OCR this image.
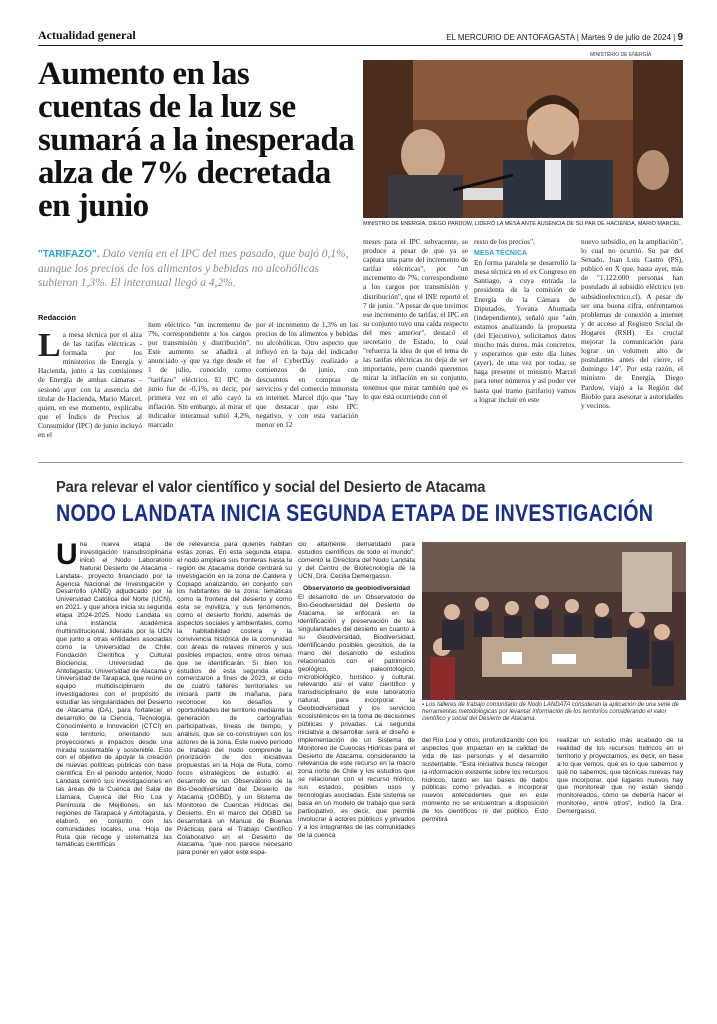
Actualidad general	EL MERCURIO DE ANTOFAGASTA | Martes 9 de julio de 2024 | 9
Aumento en las cuentas de la luz se sumará a la inesperada alza de 7% decretada en junio
MINISTERIO DE ENERGÍA
MINISTRO DE ENERGÍA, DIEGO PARDOW, LIDERÓ LA MESA ANTE AUSENCIA DE SU PAR DE HACIENDA, MARIO MARCEL.
"TARIFAZO". Dato venía en el IPC del mes pasado, que bajó 0,1%, aunque los precios de los alimentos y bebidas no alcohólicas subieron 1,3%. El interanual llegó a 4,2%.
Redacción
La mesa técnica por el alza de las tarifas eléctricas -formada por los ministerios de Energía y Hacienda, junto a las comisiones de Energía de ambas cámaras -sesionó ayer con la ausencia del titular de Hacienda, Mario Marcel, quien, en ese momento, explicaba que el Índice de Precios al Consumidor (IPC) de junio incluyó en el
ítem eléctrico "un incremento de 7%, correspondiente a los cargos por transmisión y distribución". Este aumento se añadirá al anunciado -y que ya rige desde el 1 de julio, conocido como "tarifazo" eléctrico. El IPC de junio fue de -0,1%, es decir, por primera vez en el año cayó la inflación. Sin embargo, al mirar el indicador interanual subió 4,2%, marcado
por el incremento de 1,3% en los precios de los alimentos y bebidas no alcohólicas. Otro aspecto que influyó en la baja del indicador fue el CyberDay realizado a comienzos de junio, con descuentos en compras de servicios y del comercio minorista en internet. Marcel dijo que "hay que destacar que este IPC negativo, y con esta variación menor en 12
meses para el IPC subyacente, se produce a pesar de que ya se captura una parte del incremento de tarifas eléctricas", por "un incremento de 7%, correspondiente a los cargos por transmisión y distribución", que el INE reportó el 7 de junio. "A pesar de que tuvimos ese incremento de tarifas, el IPC en su conjunto tuvo una caída respecto del mes anterior", destacó el secretario de Estado, lo cual "refuerza la idea de que el tema de las tarifas eléctricas no deja de ser importante, pero cuando queremos mirar la inflación en su conjunto, tenemos que mirar también qué es lo que está ocurriendo con el
resto de los precios".
MESA TÉCNICA
En forma paralela se desarrolló la mesa técnica en el ex Congreso en Santiago, a cuya entrada la presidenta de la comisión de Energía de la Cámara de Diputados, Yovana Ahumada (independiente), señaló que "aún estamos analizando la propuesta (del Ejecutivo), solicitamos datos mucho más duros, más concretos, y esperamos que este día lunes (ayer), de una vez por todas, se haga presente el ministro Marcel para tener números y así poder ver hasta qué tramo (tarifario) vamos a lograr incluir en este
nuevo subsidio, en la ampliación", lo cual no ocurrió. Su par del Senado, Juan Luis Castro (PS), publicó en X que, hasta ayer, más de "1.122.000 personas han postulado al subsidio eléctrico (en subsidioelectrico.cl). A pesar de ser una buena cifra, enfrentamos problemas de conexión a internet y de acceso al Registro Social de Hogares (RSH). Es crucial mejorar la comunicación para lograr un volumen alto de postulantes antes del cierre, el domingo 14". Por esta razón, el ministro de Energía, Diego Pardow, viajó a la Región del Biobío para asesorar a autoridades y vecinos.
Para relevar el valor científico y social del Desierto de Atacama
NODO LANDATA INICIA SEGUNDA ETAPA DE INVESTIGACIÓN
Una nueva etapa de investigación transdisciplinaria inició el Nodo Laboratorio Natural Desierto de Atacama -Landata-, proyecto financiado por la Agencia Nacional de Investigación y Desarrollo (ANID) adjudicado por la Universidad Católica del Norte (UCN), en 2021, y que ahora inicia su segunda etapa 2024-2025. Nodo Landata es una instancia académica multiinstitucional, liderada por la UCN que junto a otras entidades asociadas como la Universidad de Chile; Fundación Científica y Cultural Biociencia; Universidad de Antofagasta; Universidad de Atacama y Universidad de Tarapacá, que reúne un equipo multidisciplinario de investigadores con el propósito de estudiar las singularidades del Desierto de Atacama (DA), para fortalecer el desarrollo de la Ciencia, Tecnología, Conocimiento e Innovación (CTCI) en este territorio, orientando sus proyecciones e impactos desde una mirada sustentable y sostenible. Esto con el objetivo de apoyar la creación de nuevas políticas públicas con base científica. En el periodo anterior, Nodo Landata centró sus investigaciones en las áreas de la Cuenca del Salar de Llamara, Cuenca del Río Loa y Península de Mejillones, en las regiones de Tarapacá y Antofagasta, y elaboró, en conjunto con las comunidades locales, una Hoja de Ruta que recoge y sistematiza las temáticas científicas
de relevancia para quienes habitan estas zonas. En esta segunda etapa, el nodo ampliará sus fronteras hasta la región de Atacama donde centrará su investigación en la zona de Caldera y Copiapó analizando, en conjunto con los habitantes de la zona, temáticas como la frontera del desierto y como esta se moviliza, y sus fenómenos, como el desierto florido, además de aspectos sociales y ambientales, como la habitabilidad costera y la convivencia histórica de la comunidad con áreas de relaves mineros y sus posibles impactos, entre otros temas que se identificarán. Si bien los estudios de esta segunda etapa comenzaron a fines de 2023, el ciclo de cuatro talleres territoriales se iniciará partir de mañana, para reconocer los desafíos y oportunidades del territorio mediante la generación de cartografías participativas, líneas de tiempo, y análisis, que se co-construyen con los actores de la zona. Este nuevo período de trabajo del nodo comprende la priorización de dos iniciativas propuestas en la Hoja de Ruta, como focos estratégicos de estudio: el desarrollo de un Observatorio de la Bio-Geodiversidad del Desierto de Atacama (OGBD), y un Sistema de Monitoreo de Cuencas Hídricas del Desierto. En el marco del OGBD se desarrollará un Manual de Buenas Prácticas para el Trabajo Científico Colaborativo en el Desierto de Atacama, "que nos parece necesario para poner en valor este espa-
cio altamente demandado para estudios científicos de todo el mundo", comentó la Directora del Nodo Landata y del Centro de Biotecnología de la UCN, Dra. Cecilia Demergasso.
Observatorio de geobiodiversidad
El desarrollo de un Observatorio de Bio-Geodiversidad del Desierto de Atacama, se enfocará en la identificación y preservación de las singularidades del desierto en cuanto a su Geodiversidad, Biodiversidad, identificando posibles geositios, de la mano del desarrollo de estudios relacionados con el patrimonio geológico, paleontológico, microbiológico, turístico y cultural, relevando así el valor científico y transdisciplinario de este laboratorio natural, para incorporar la Geobiodiversidad y los servicios ecosistémicos en la toma de decisiones públicas y privadas. La segunda iniciativa a desarrollar será el diseño e implementación de un Sistema de Monitoreo de Cuencas Hídricas para el Desierto de Atacama, considerando la relevancia de este recurso en la macro zona norte de Chile y los estudios que se relacionan con el recurso hídrico, sus estados, posibles usos y tecnologías asociadas. Este sistema se basa en un modelo de trabajo que será participativo, es decir, que permite involucrar a actores públicos y privados y a los integrantes de las comunidades de la cuenca
▪ Los talleres de trabajo comunitario de Nodo LANDATA consideran la aplicación de una serie de herramientas metodológicas por levantar información de los territorios considerando el valor científico y social del Desierto de Atacama.
del Río Loa y otros, profundizando con los aspectos que impactan en la calidad de vida de las personas y el desarrollo sustentable. "Esta iniciativa busca recoger la información existente sobre los recursos hídricos, tanto en las bases de datos públicas como privadas, e incorporar nuevos antecedentes que en este momento no se encuentran a disposición de los científicos ni del público. Esto permitirá
realizar un estudio más acabado de la realidad de los recursos hídricos en el territorio y proyectarnos, es decir, en base a lo que vemos, qué es lo que sabemos y qué no sabemos, que técnicas nuevas hay que incorporar, qué lugares nuevos hay que monitorear que no están siendo monitoreados, cómo se debería hacer el monitoreo, entre otros", indicó la Dra. Demergasso.
